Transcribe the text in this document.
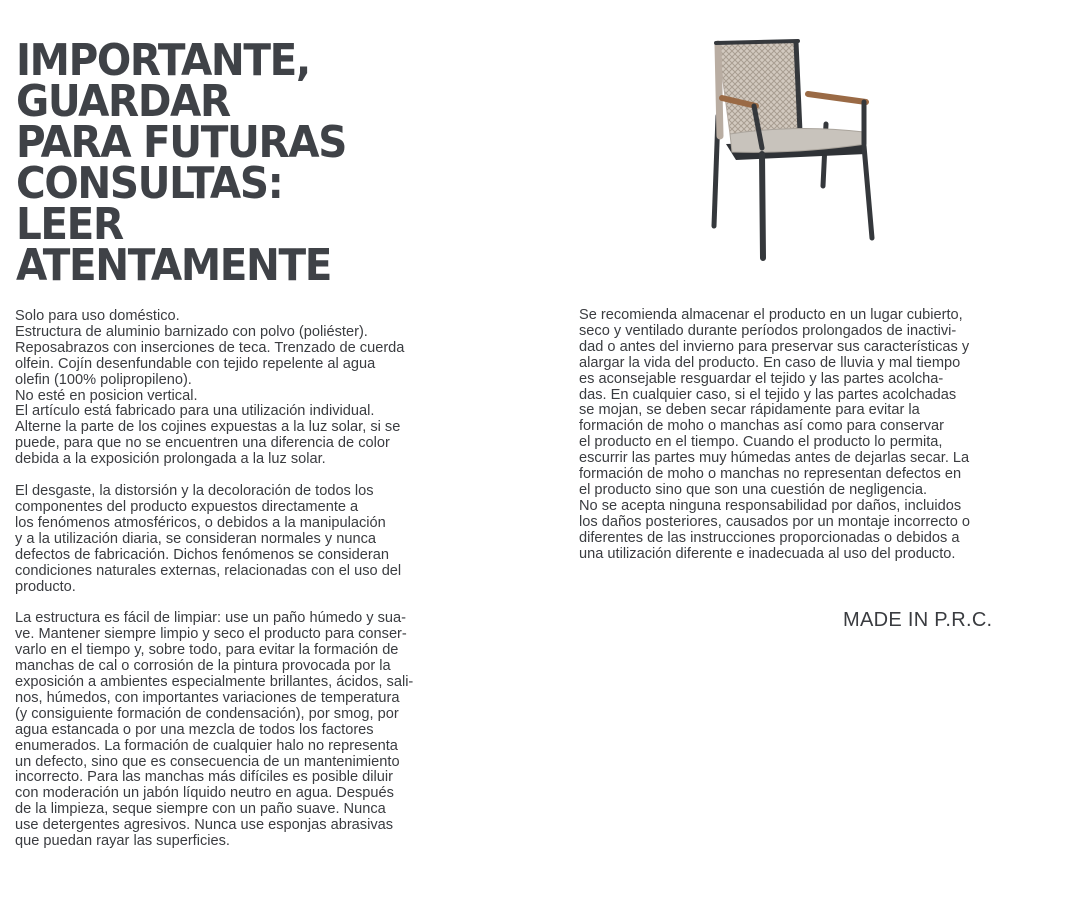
IMPORTANTE,
GUARDAR
PARA FUTURAS
CONSULTAS:
LEER
ATENTAMENTE

Solo para uso doméstico.

Estructura de aluminio barnizado con polvo (poliéster).

Reposabrazos con inserciones de teca. Trenzado de cuerda

olfein. Cojín desenfundable con tejido repelente al agua

olefin (100% polipropileno).

No esté en posicion vertical.

El artículo está fabricado para una utilización individual.

Alterne la parte de los cojines expuestas a la luz solar, si se

puede, para que no se encuentren una diferencia de color

debida a la exposición prolongada a la luz solar.

El desgaste, la distorsión y la decoloración de todos los

componentes del producto expuestos directamente a

los fenómenos atmosféricos, o debidos a la manipulación

y a la utilización diaria, se consideran normales y nunca

defectos de fabricación. Dichos fenómenos se consideran

condiciones naturales externas, relacionadas con el uso del

producto.

La estructura es fácil de limpiar: use un paño húmedo y sua-

ve. Mantener siempre limpio y seco el producto para conser-

varlo en el tiempo y, sobre todo, para evitar la formación de

manchas de cal o corrosión de la pintura provocada por la

exposición a ambientes especialmente brillantes, ácidos, sali-

nos, húmedos, con importantes variaciones de temperatura

(y consiguiente formación de condensación), por smog, por

agua estancada o por una mezcla de todos los factores

enumerados. La formación de cualquier halo no representa

un defecto, sino que es consecuencia de un mantenimiento

incorrecto. Para las manchas más difíciles es posible diluir

con moderación un jabón líquido neutro en agua. Después

de la limpieza, seque siempre con un paño suave. Nunca

use detergentes agresivos. Nunca use esponjas abrasivas

que puedan rayar las superficies.

Se recomienda almacenar el producto en un lugar cubierto,

seco y ventilado durante períodos prolongados de inactivi-

dad o antes del invierno para preservar sus características y

alargar la vida del producto. En caso de lluvia y mal tiempo

es aconsejable resguardar el tejido y las partes acolcha-

das. En cualquier caso, si el tejido y las partes acolchadas

se mojan, se deben secar rápidamente para evitar la

formación de moho o manchas así como para conservar

el producto en el tiempo. Cuando el producto lo permita,

escurrir las partes muy húmedas antes de dejarlas secar. La

formación de moho o manchas no representan defectos en

el producto sino que son una cuestión de negligencia.

No se acepta ninguna responsabilidad por daños, incluidos

los daños posteriores, causados por un montaje incorrecto o

diferentes de las instrucciones proporcionadas o debidos a

una utilización diferente e inadecuada al uso del producto.

MADE IN P.R.C.
